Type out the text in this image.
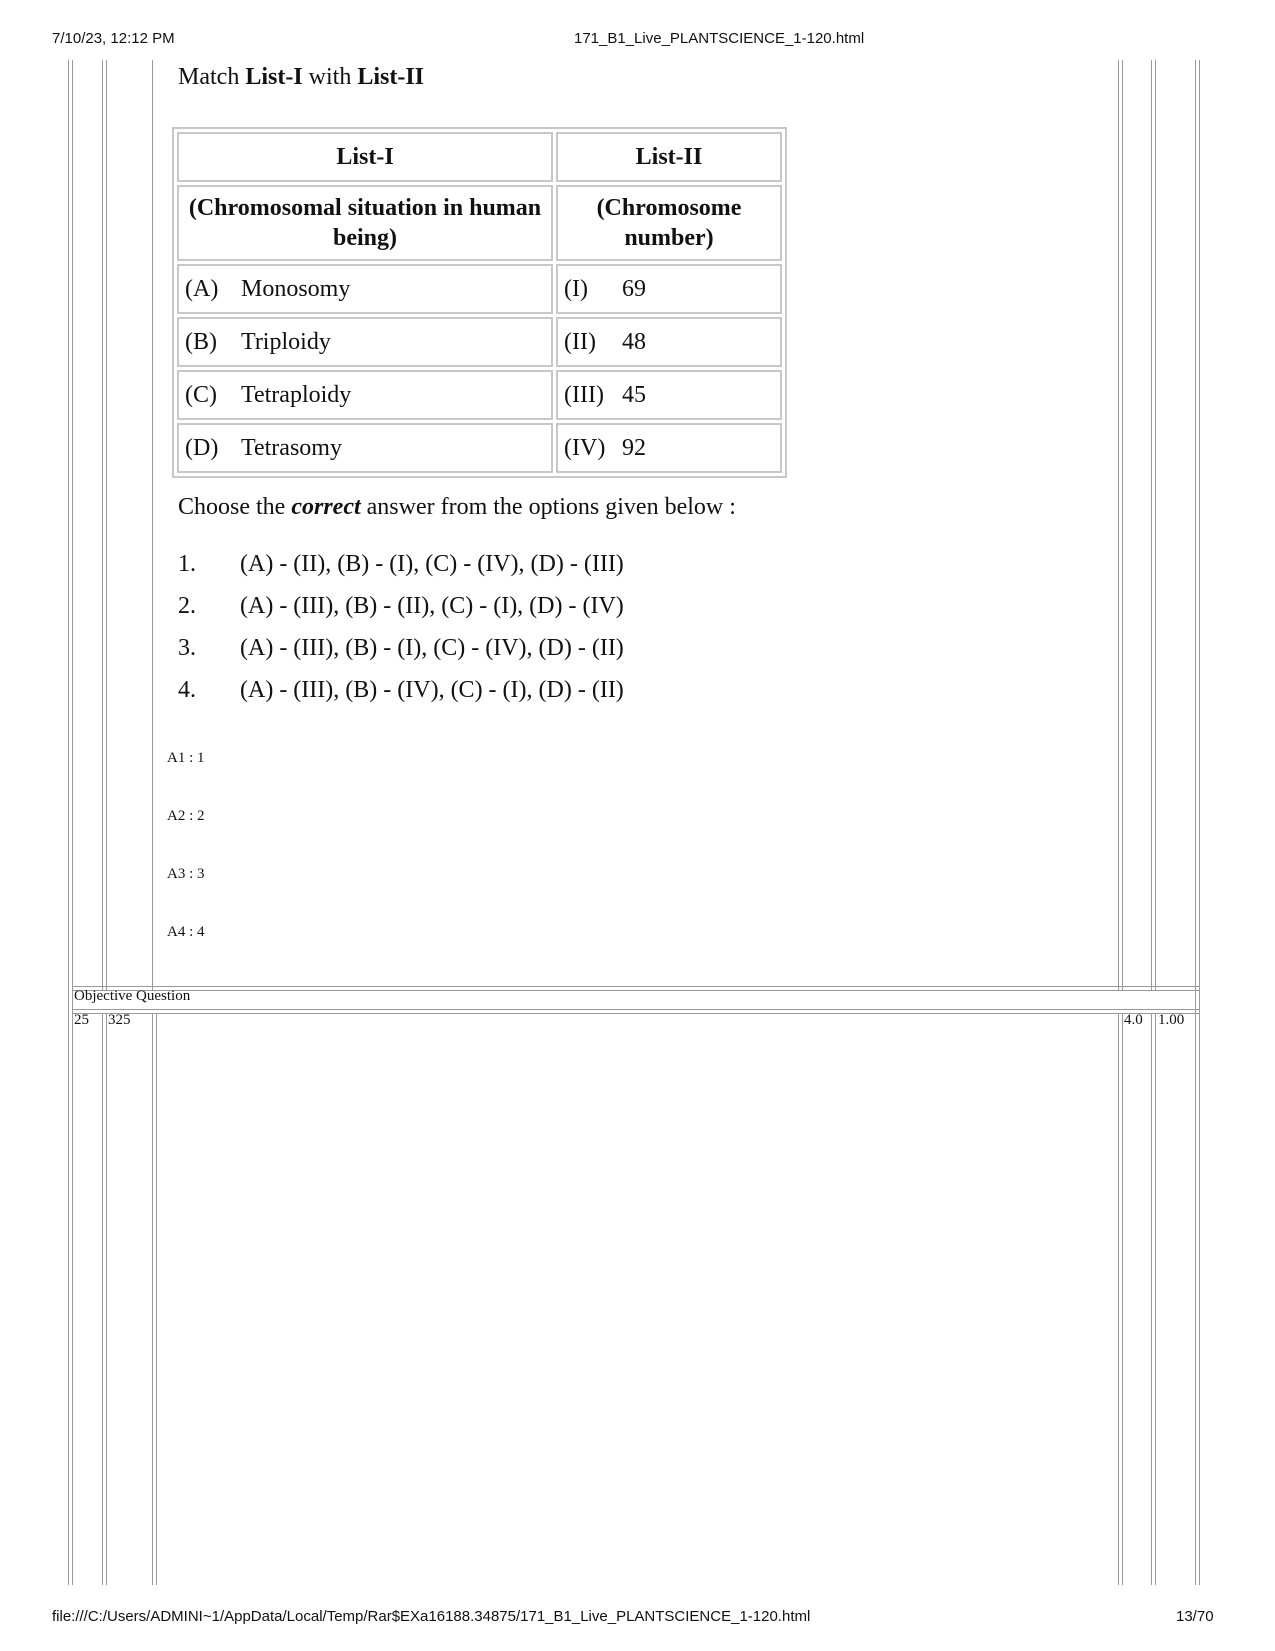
7/10/23, 12:12 PM	171_B1_Live_PLANTSCIENCE_1-120.html
Match List-I with List-II
List-I	List-II
(Chromosomal situation in human being)	(Chromosome number)
(A) Monosomy	(I) 69
(B) Triploidy	(II) 48
(C) Tetraploidy	(III) 45
(D) Tetrasomy	(IV) 92
Choose the correct answer from the options given below :
1. (A) - (II), (B) - (I), (C) - (IV), (D) - (III)
2. (A) - (III), (B) - (II), (C) - (I), (D) - (IV)
3. (A) - (III), (B) - (I), (C) - (IV), (D) - (II)
4. (A) - (III), (B) - (IV), (C) - (I), (D) - (II)
A1 : 1
A2 : 2
A3 : 3
A4 : 4
Objective Question
25 325	4.0 1.00
file:///C:/Users/ADMINI~1/AppData/Local/Temp/Rar$EXa16188.34875/171_B1_Live_PLANTSCIENCE_1-120.html	13/70
